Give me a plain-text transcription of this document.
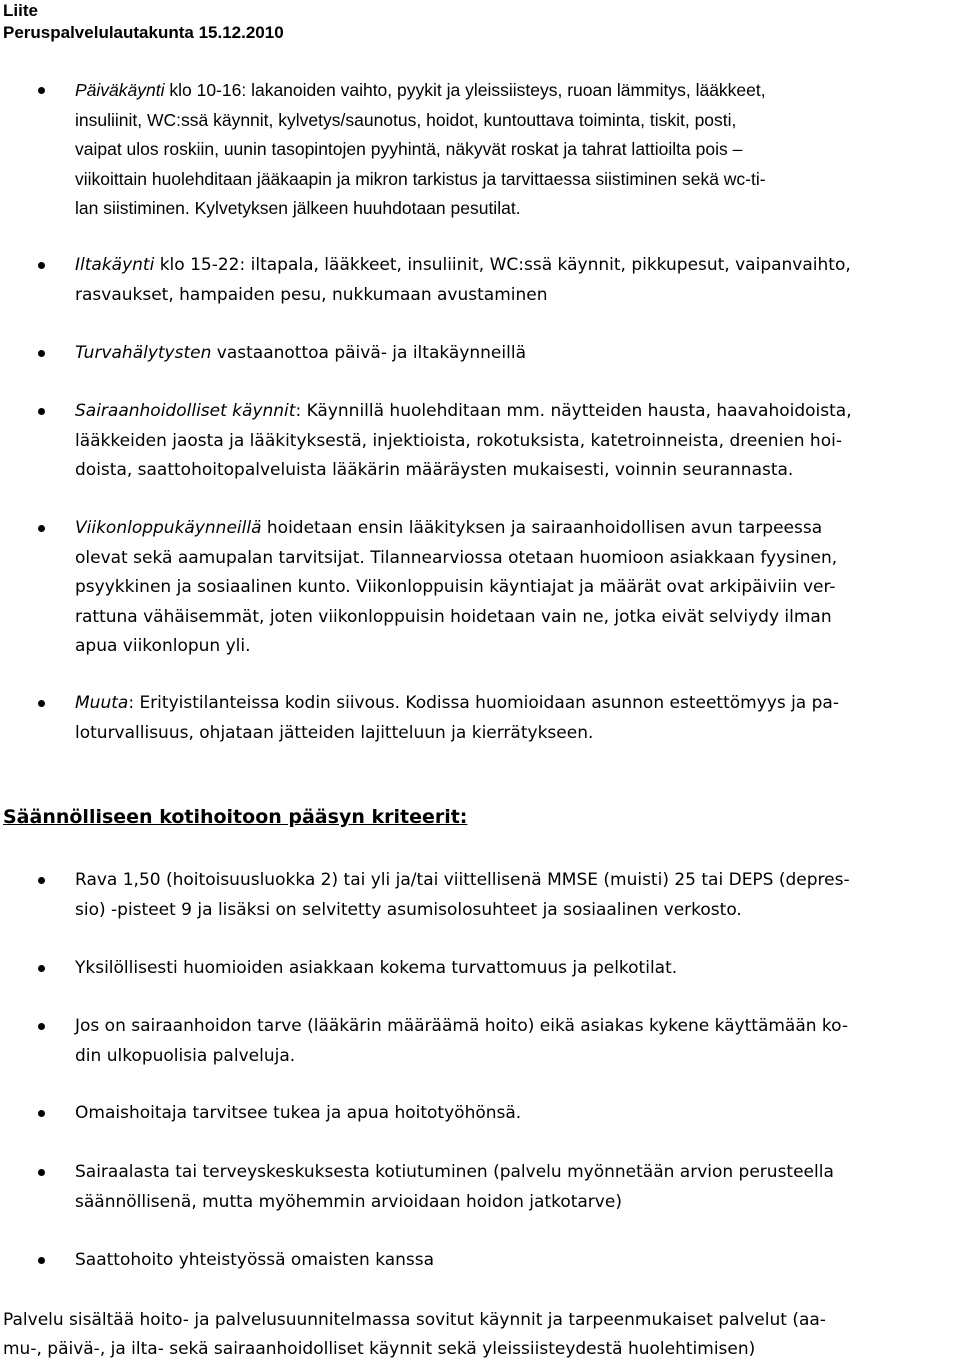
Liite
Peruspalvelulautakunta 15.12.2010
Päiväkäynti klo 10-16: lakanoiden vaihto, pyykit ja yleissiisteys, ruoan lämmitys, lääkkeet,
insuliinit, WC:ssä käynnit, kylvetys/saunotus, hoidot, kuntouttava toiminta, tiskit, posti,
vaipat ulos roskiin, uunin tasopintojen pyyhintä, näkyvät roskat ja tahrat lattioilta pois –
viikoittain huolehditaan jääkaapin ja mikron tarkistus ja tarvittaessa siistiminen sekä wc-ti-
lan siistiminen. Kylvetyksen jälkeen huuhdotaan pesutilat.
Iltakäynti klo 15-22: iltapala, lääkkeet, insuliinit, WC:ssä käynnit, pikkupesut, vaipanvaihto,
rasvaukset, hampaiden pesu, nukkumaan avustaminen
Turvahälytysten vastaanottoa päivä- ja iltakäynneillä
Sairaanhoidolliset käynnit: Käynnillä huolehditaan mm. näytteiden hausta, haavahoidoista,
lääkkeiden jaosta ja lääkityksestä, injektioista, rokotuksista, katetroinneista, dreenien hoi-
doista, saattohoitopalveluista lääkärin määräysten mukaisesti, voinnin seurannasta.
Viikonloppukäynneillä hoidetaan ensin lääkityksen ja sairaanhoidollisen avun tarpeessa
olevat sekä aamupalan tarvitsijat. Tilannearviossa otetaan huomioon asiakkaan fyysinen,
psyykkinen ja sosiaalinen kunto. Viikonloppuisin käyntiajat ja määrät ovat arkipäiviin ver-
rattuna vähäisemmät, joten viikonloppuisin hoidetaan vain ne, jotka eivät selviydy ilman
apua viikonlopun yli.
Muuta: Erityistilanteissa kodin siivous. Kodissa huomioidaan asunnon esteettömyys ja pa-
loturvallisuus, ohjataan jätteiden lajitteluun ja kierrätykseen.
Säännölliseen kotihoitoon pääsyn kriteerit:
Rava 1,50 (hoitoisuusluokka 2) tai yli ja/tai viittellisenä MMSE (muisti) 25 tai DEPS (depres-
sio) -pisteet 9 ja lisäksi on selvitetty asumisolosuhteet ja sosiaalinen verkosto.
Yksilöllisesti huomioiden asiakkaan kokema turvattomuus ja pelkotilat.
Jos on sairaanhoidon tarve (lääkärin määräämä hoito) eikä asiakas kykene käyttämään ko-
din ulkopuolisia palveluja.
Omaishoitaja tarvitsee tukea ja apua hoitotyöhönsä.
Sairaalasta tai terveyskeskuksesta kotiutuminen (palvelu myönnetään arvion perusteella
säännöllisenä, mutta myöhemmin arvioidaan hoidon jatkotarve)
Saattohoito yhteistyössä omaisten kanssa
Palvelu sisältää hoito- ja palvelusuunnitelmassa sovitut käynnit ja tarpeenmukaiset palvelut (aa-
mu-, päivä-, ja ilta- sekä sairaanhoidolliset käynnit sekä yleissiisteydestä huolehtimisen)
